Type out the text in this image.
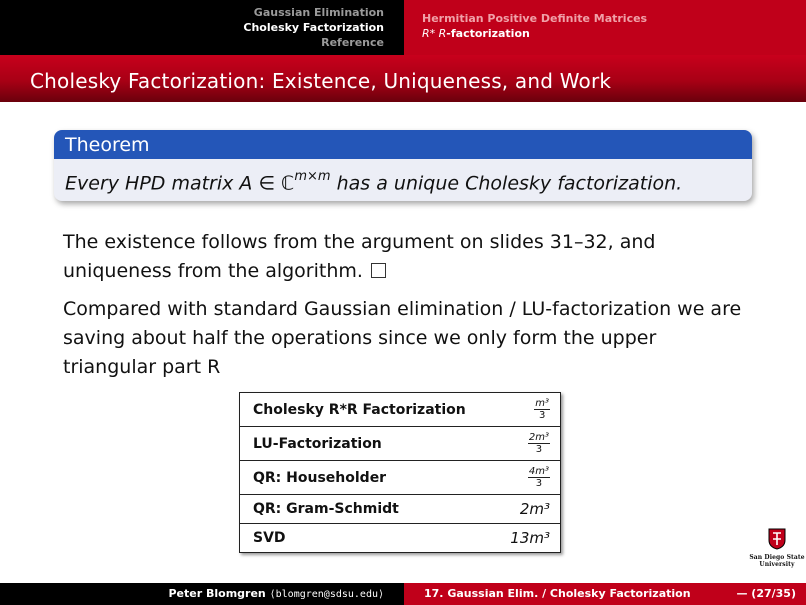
Gaussian Elimination
Cholesky Factorization
Reference
Hermitian Positive Definite Matrices
R* R-factorization
Cholesky Factorization: Existence, Uniqueness, and Work
Theorem
Every HPD matrix A ∈ ℂ$^{m\times m}$ has a unique Cholesky factorization.
The existence follows from the argument on slides 31–32, and uniqueness from the algorithm.
Compared with standard Gaussian elimination / LU-factorization we are saving about half the operations since we only form the upper triangular part R
Cholesky R*R Factorization	$\frac{\text{m³}}{3}$
LU-Factorization	$\frac{\text{2m³}}{3}$
QR: Householder	$\frac{\text{4m³}}{3}$
QR: Gram-Schmidt	2m³
SVD	13m³
San Diego State
University
Peter Blomgren ⟨blomgren@sdsu.edu⟩	17. Gaussian Elim. / Cholesky Factorization	— (27/35)
